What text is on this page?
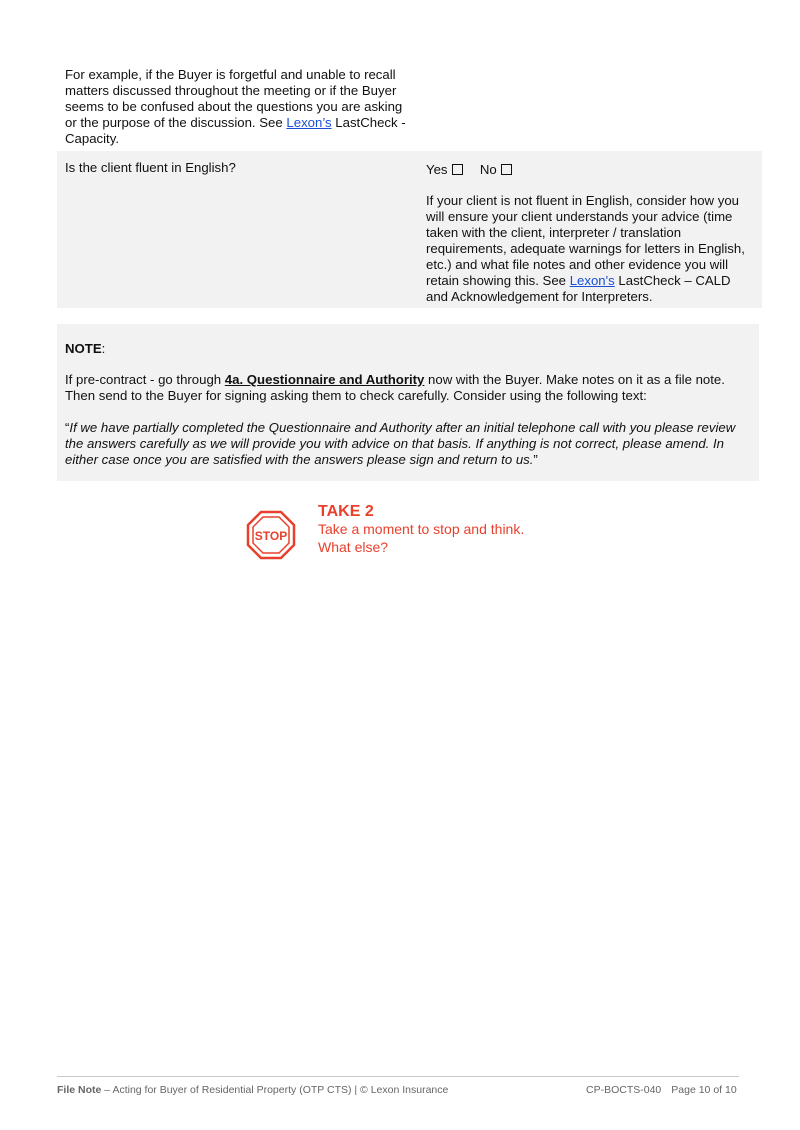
For example, if the Buyer is forgetful and unable to recall
matters discussed throughout the meeting or if the Buyer
seems to be confused about the questions you are asking
or the purpose of the discussion. See Lexon’s LastCheck -
Capacity.
Is the client fluent in English?	Yes No
If your client is not fluent in English, consider how you
will ensure your client understands your advice (time
taken with the client, interpreter / translation
requirements, adequate warnings for letters in English,
etc.) and what file notes and other evidence you will
retain showing this. See Lexon's LastCheck – CALD
and Acknowledgement for Interpreters.
NOTE:
If pre-contract - go through 4a. Questionnaire and Authority now with the Buyer. Make notes on it as a file note.
Then send to the Buyer for signing asking them to check carefully. Consider using the following text:
“If we have partially completed the Questionnaire and Authority after an initial telephone call with you please review
the answers carefully as we will provide you with advice on that basis. If anything is not correct, please amend. In
either case once you are satisfied with the answers please sign and return to us.”
STOP
TAKE 2
Take a moment to stop and think.
What else?
File Note – Acting for Buyer of Residential Property (OTP CTS) | © Lexon Insurance	CP-BOCTS-040 Page 10 of 10
